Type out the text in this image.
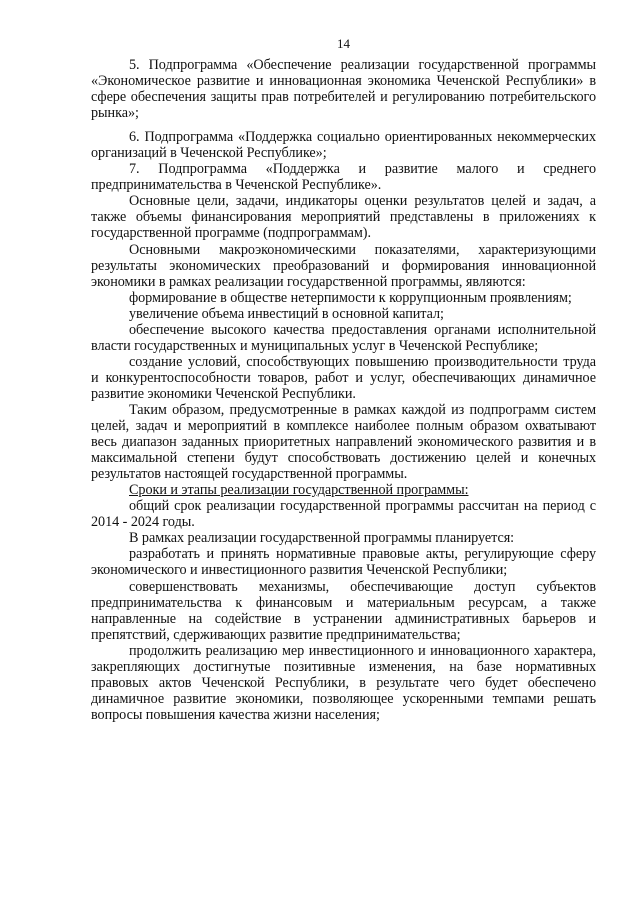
14

5. Подпрограмма «Обеспечение реализации государственной программы «Экономическое развитие и инновационная экономика Чеченской Республики» в сфере обеспечения защиты прав потребителей и регулированию потребительского рынка»;

6. Подпрограмма «Поддержка социально ориентированных некоммерческих организаций в Чеченской Республике»;

7. Подпрограмма «Поддержка и развитие малого и среднего предпринимательства в Чеченской Республике».

Основные цели, задачи, индикаторы оценки результатов целей и задач, а также объемы финансирования мероприятий представлены в приложениях к государственной программе (подпрограммам).

Основными макроэкономическими показателями, характеризующими результаты экономических преобразований и формирования инновационной экономики в рамках реализации государственной программы, являются:

формирование в обществе нетерпимости к коррупционным проявлениям;

увеличение объема инвестиций в основной капитал;

обеспечение высокого качества предоставления органами исполнительной власти государственных и муниципальных услуг в Чеченской Республике;

создание условий, способствующих повышению производительности труда и конкурентоспособности товаров, работ и услуг, обеспечивающих динамичное развитие экономики Чеченской Республики.

Таким образом, предусмотренные в рамках каждой из подпрограмм систем целей, задач и мероприятий в комплексе наиболее полным образом охватывают весь диапазон заданных приоритетных направлений экономического развития и в максимальной степени будут способствовать достижению целей и конечных результатов настоящей государственной программы.

Сроки и этапы реализации государственной программы:

общий срок реализации государственной программы рассчитан на период с 2014 - 2024 годы.

В рамках реализации государственной программы планируется:

разработать и принять нормативные правовые акты, регулирующие сферу экономического и инвестиционного развития Чеченской Республики;

совершенствовать механизмы, обеспечивающие доступ субъектов предпринимательства к финансовым и материальным ресурсам, а также направленные на содействие в устранении административных барьеров и препятствий, сдерживающих развитие предпринимательства;

продолжить реализацию мер инвестиционного и инновационного характера, закрепляющих достигнутые позитивные изменения, на базе нормативных правовых актов Чеченской Республики, в результате чего будет обеспечено динамичное развитие экономики, позволяющее ускоренными темпами решать вопросы повышения качества жизни населения;
